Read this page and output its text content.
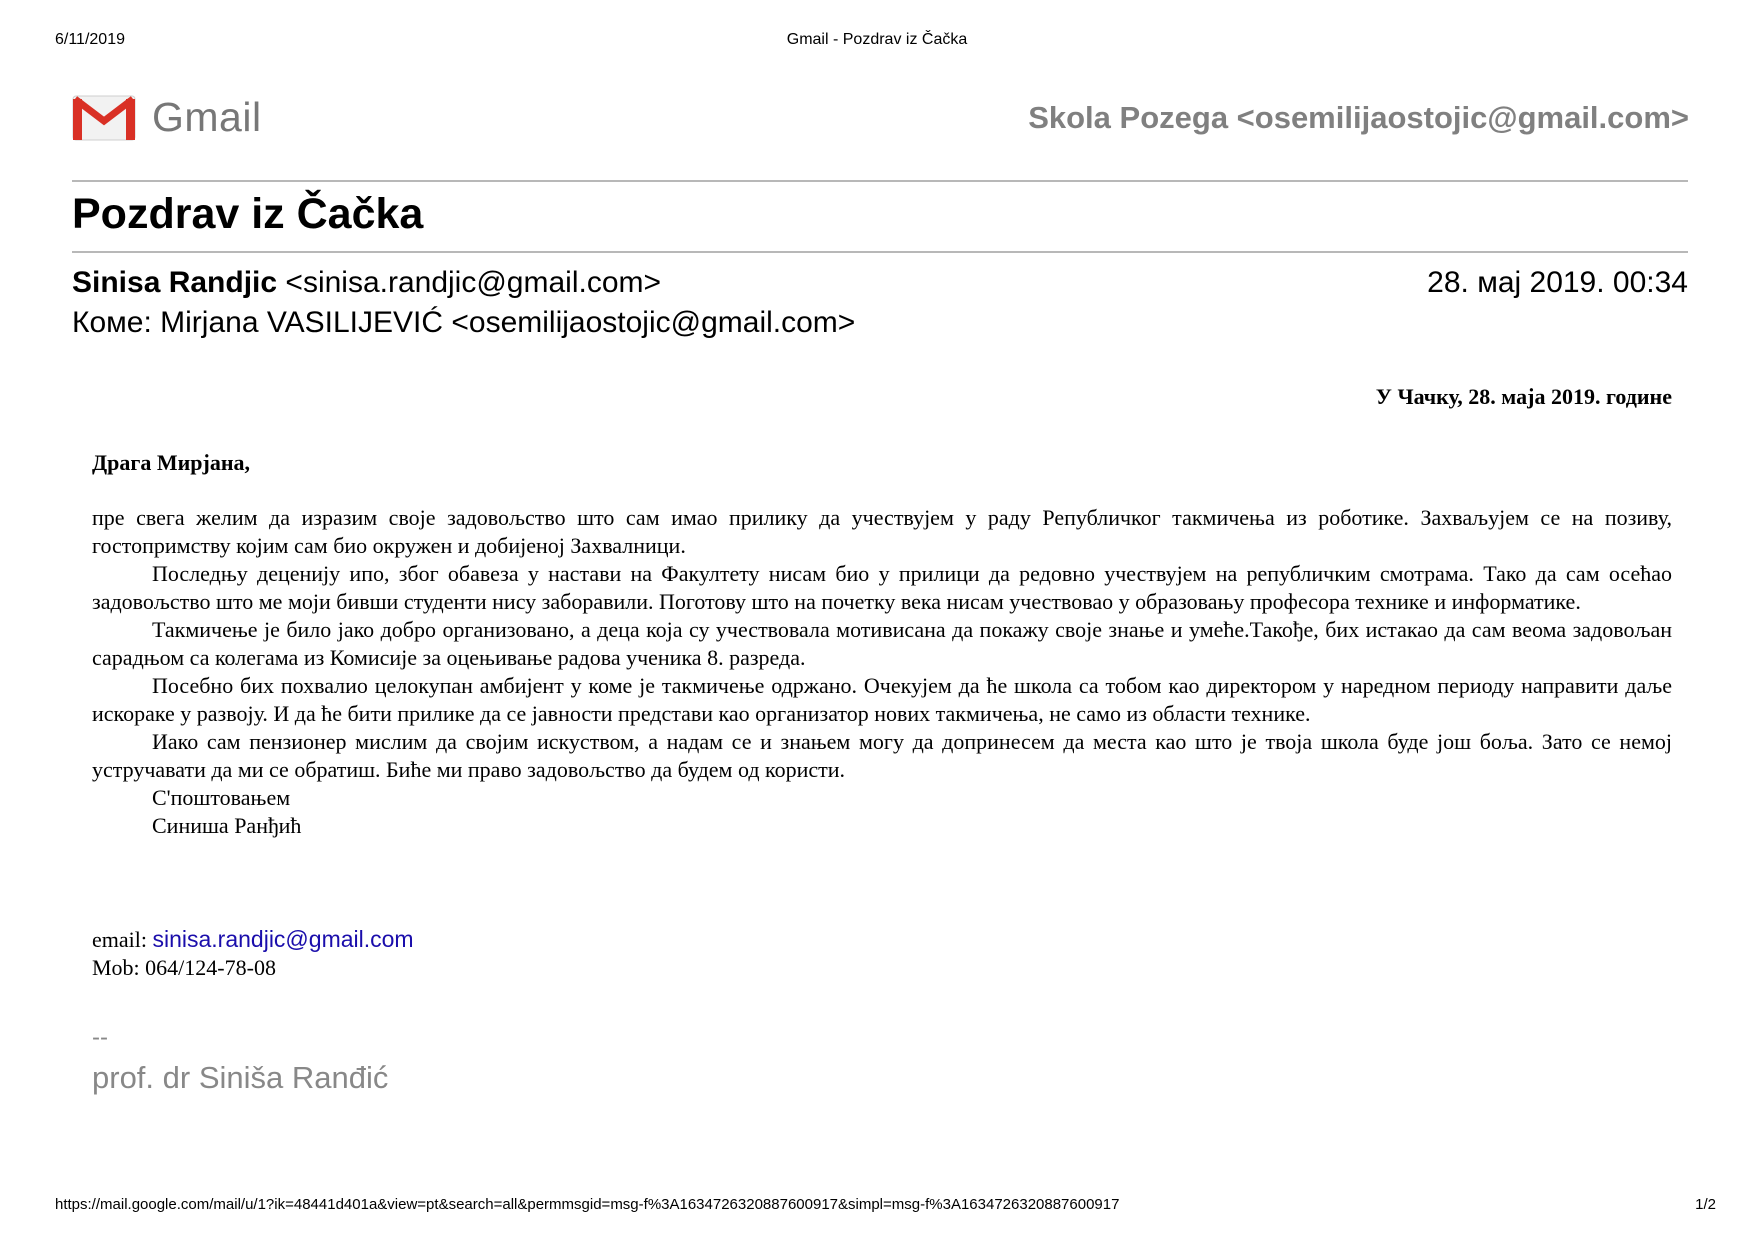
6/11/2019	Gmail - Pozdrav iz Čačka
Gmail	Skola Pozega <osemilijaostojic@gmail.com>
Pozdrav iz Čačka
Sinisa Randjic <sinisa.randjic@gmail.com>	28. мај 2019. 00:34
Коме: Mirjana VASILIJEVIĆ <osemilijaostojic@gmail.com>
У Чачку, 28. маја 2019. године
Драга Мирјана,

пре свега желим да изразим своје задовољство што сам имао прилику да учествујем у раду Републичког такмичења из роботике. Захваљујем се на позиву, гостопримству којим сам био окружен и добијеној Захвалници.

Последњу деценију ипо, због обавеза у настави на Факултету нисам био у прилици да редовно учествујем на републичким смотрама. Тако да сам осећао задовољство што ме моји бивши студенти нису заборавили. Поготову што на почетку века нисам учествовао у образовању професора технике и информатике.

Такмичење је било јако добро организовано, а деца која су учествовала мотивисана да покажу своје знање и умеће.Такође, бих истакао да сам веома задовољан сарадњом са колегама из Комисије за оцењивање радова ученика 8. разреда.

Посебно бих похвалио целокупан амбијент у коме је такмичење одржано. Очекујем да ће школа са тобом као директором у наредном периоду направити даље искораке у развоју. И да ће бити прилике да се јавности представи као организатор нових такмичења, не само из области технике.

Иако сам пензионер мислим да својим искуством, а надам се и знањем могу да допринесем да места као што је твоја школа буде још боља. Зато се немој устручавати да ми се обратиш. Биће ми право задовољство да будем од користи.

С'поштовањем

Синиша Ранђић

email: sinisa.randjic@gmail.com
Mob: 064/124-78-08
--
prof. dr Siniša Ranđić
https://mail.google.com/mail/u/1?ik=48441d401a&view=pt&search=all&permmsgid=msg-f%3A1634726320887600917&simpl=msg-f%3A1634726320887600917	1/2
